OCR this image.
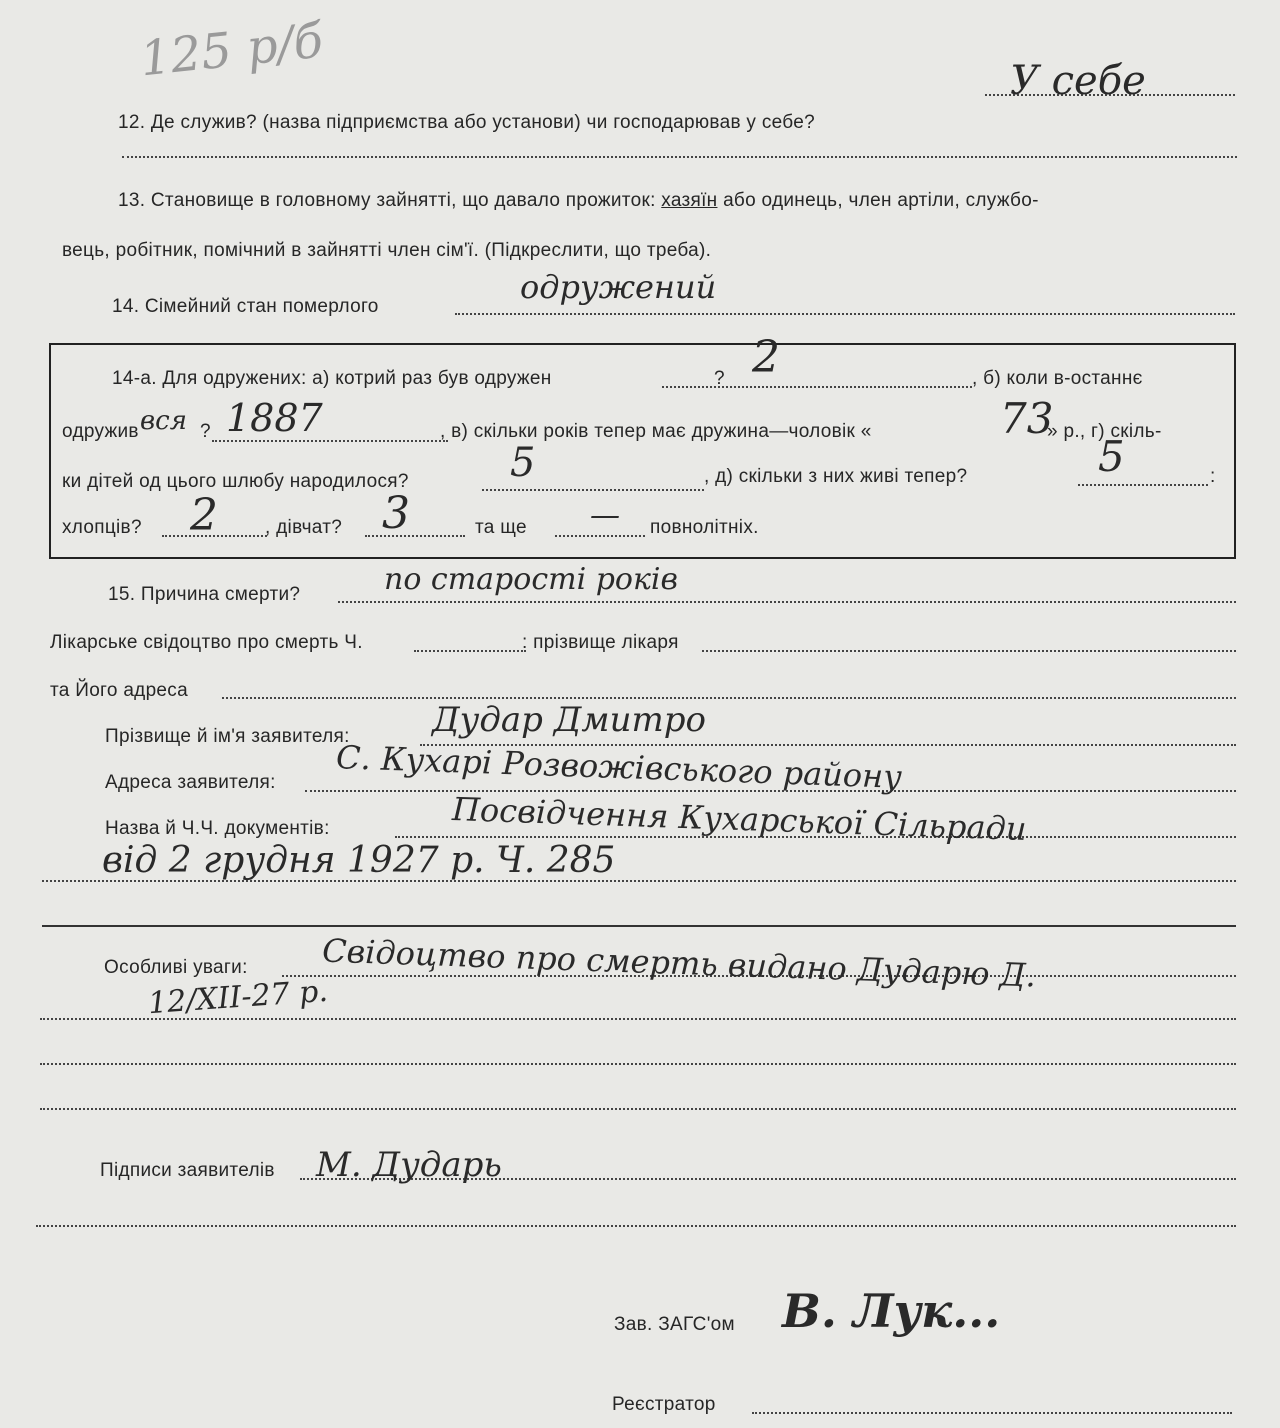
125 р/б
12. Де служив? (назва підприємства або установи) чи господарював у себе?
У себе
13. Становище в головному зайнятті, що давало прожиток: хазяїн або одинець, член артіли, службо-
вець, робітник, помічний в зайнятті член сім'ї. (Підкреслити, що треба).
14. Сімейний стан померлого
одружений
14-а. Для одружених: а) котрий раз був одружен	? 2	, б) коли в-останнє
одружив вся ? 1887	, в) скільки років тепер має дружина—чоловік «	73
» р., г) скіль-
ки дітей од цього шлюбу народилося?	5	, д) скільки з них живі тепер?	5	:
хлопців? 2 , дівчат? 3	та ще — повнолітніх.
15. Причина смерти?	по старості років
Лікарське свідоцтво про смерть Ч.	: прізвище лікаря
та Його адреса
Прізвище й ім'я заявителя: Дудар Дмитро
Адреса заявителя: С. Кухарі Розвожівського району
Назва й Ч.Ч. документів:	Посвідчення Кухарської Сільради
від 2 грудня 1927 р. Ч. 285
Особливі уваги: Свідоцтво про смерть видано Дударю Д.
12/XII-27 р.
Підписи заявителів М. Дударь
Зав. ЗАГС'ом В. Лук...
Реєстратор
